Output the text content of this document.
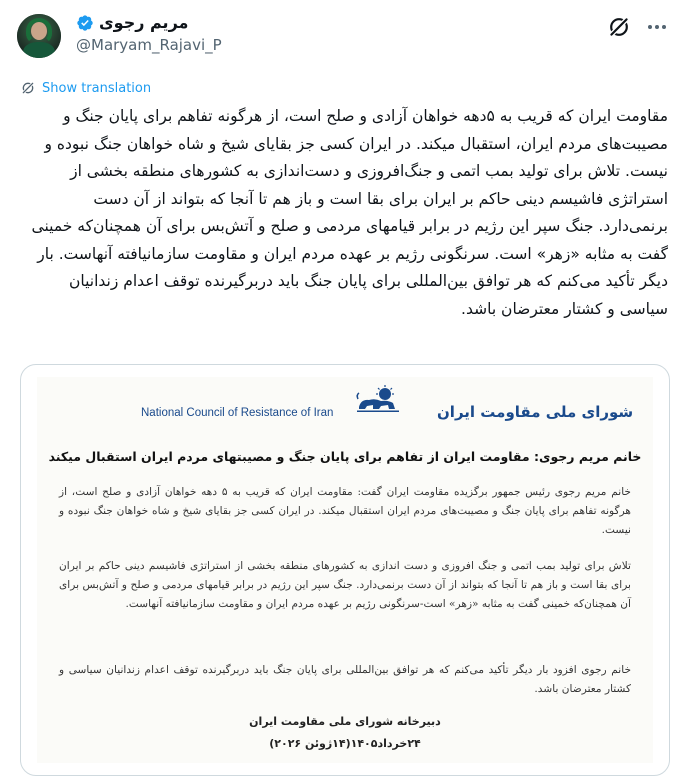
مریم رجوی
@Maryam_Rajavi_P
Show translation

مقاومت ایران که قریب به ۵دهه خواهان آزادی و صلح است، از هرگونه تفاهم برای پایان جنگ و مصیبت‌های مردم ایران، استقبال میکند. در ایران کسی جز بقایای شیخ و شاه خواهان جنگ نبوده و نیست. تلاش برای تولید بمب اتمی و جنگ‌افروزی و دست‌اندازی به کشورهای منطقه بخشی از استراتژی فاشیسم دینی حاکم بر ایران برای بقا است و باز هم تا آنجا که بتواند از آن دست برنمی‌دارد. جنگ سپر این رژیم در برابر قیامهای مردمی و صلح و آتش‌بس برای آن همچنان‌که خمینی گفت به مثابه «زهر» است. سرنگونی رژیم بر عهده مردم ایران و مقاومت سازمانیافته آنهاست. بار دیگر تأکید می‌کنم که هر توافق بین‌المللی برای پایان جنگ باید دربرگیرنده توقف اعدام زندانیان سیاسی و کشتار معترضان باشد.

National Council of Resistance of Iran	شورای ملی مقاومت ایران
خانم مریم رجوی: مقاومت ایران از تفاهم برای پایان جنگ و مصیبتهای مردم ایران استقبال میکند

خانم مریم رجوی رئیس جمهور برگزیده مقاومت ایران گفت: مقاومت ایران که قریب به ۵ دهه خواهان آزادی و صلح است، از هرگونه تفاهم برای پایان جنگ و مصیبت‌های مردم ایران استقبال میکند. در ایران کسی جز بقایای شیخ و شاه خواهان جنگ نبوده و نیست.

تلاش برای تولید بمب اتمی و جنگ افروزی و دست اندازی به کشورهای منطقه بخشی از استراتژی فاشیسم دینی حاکم بر ایران برای بقا است و باز هم تا آنجا که بتواند از آن دست برنمی‌دارد. جنگ سپر این رژیم در برابر قیامهای مردمی و صلح و آتش‌بس برای آن همچنان‌که خمینی گفت به مثابه «زهر» است-سرنگونی رژیم بر عهده مردم ایران و مقاومت سازمانیافته آنهاست.

خانم رجوی افزود بار دیگر تأکید می‌کنم که هر توافق بین‌المللی برای پایان جنگ باید دربرگیرنده توقف اعدام زندانیان سیاسی و کشتار معترضان باشد.

دبیرخانه شورای ملی مقاومت ایران
۲۴خرداد۱۴۰۵(۱۴ژوئن ۲۰۲۶)
